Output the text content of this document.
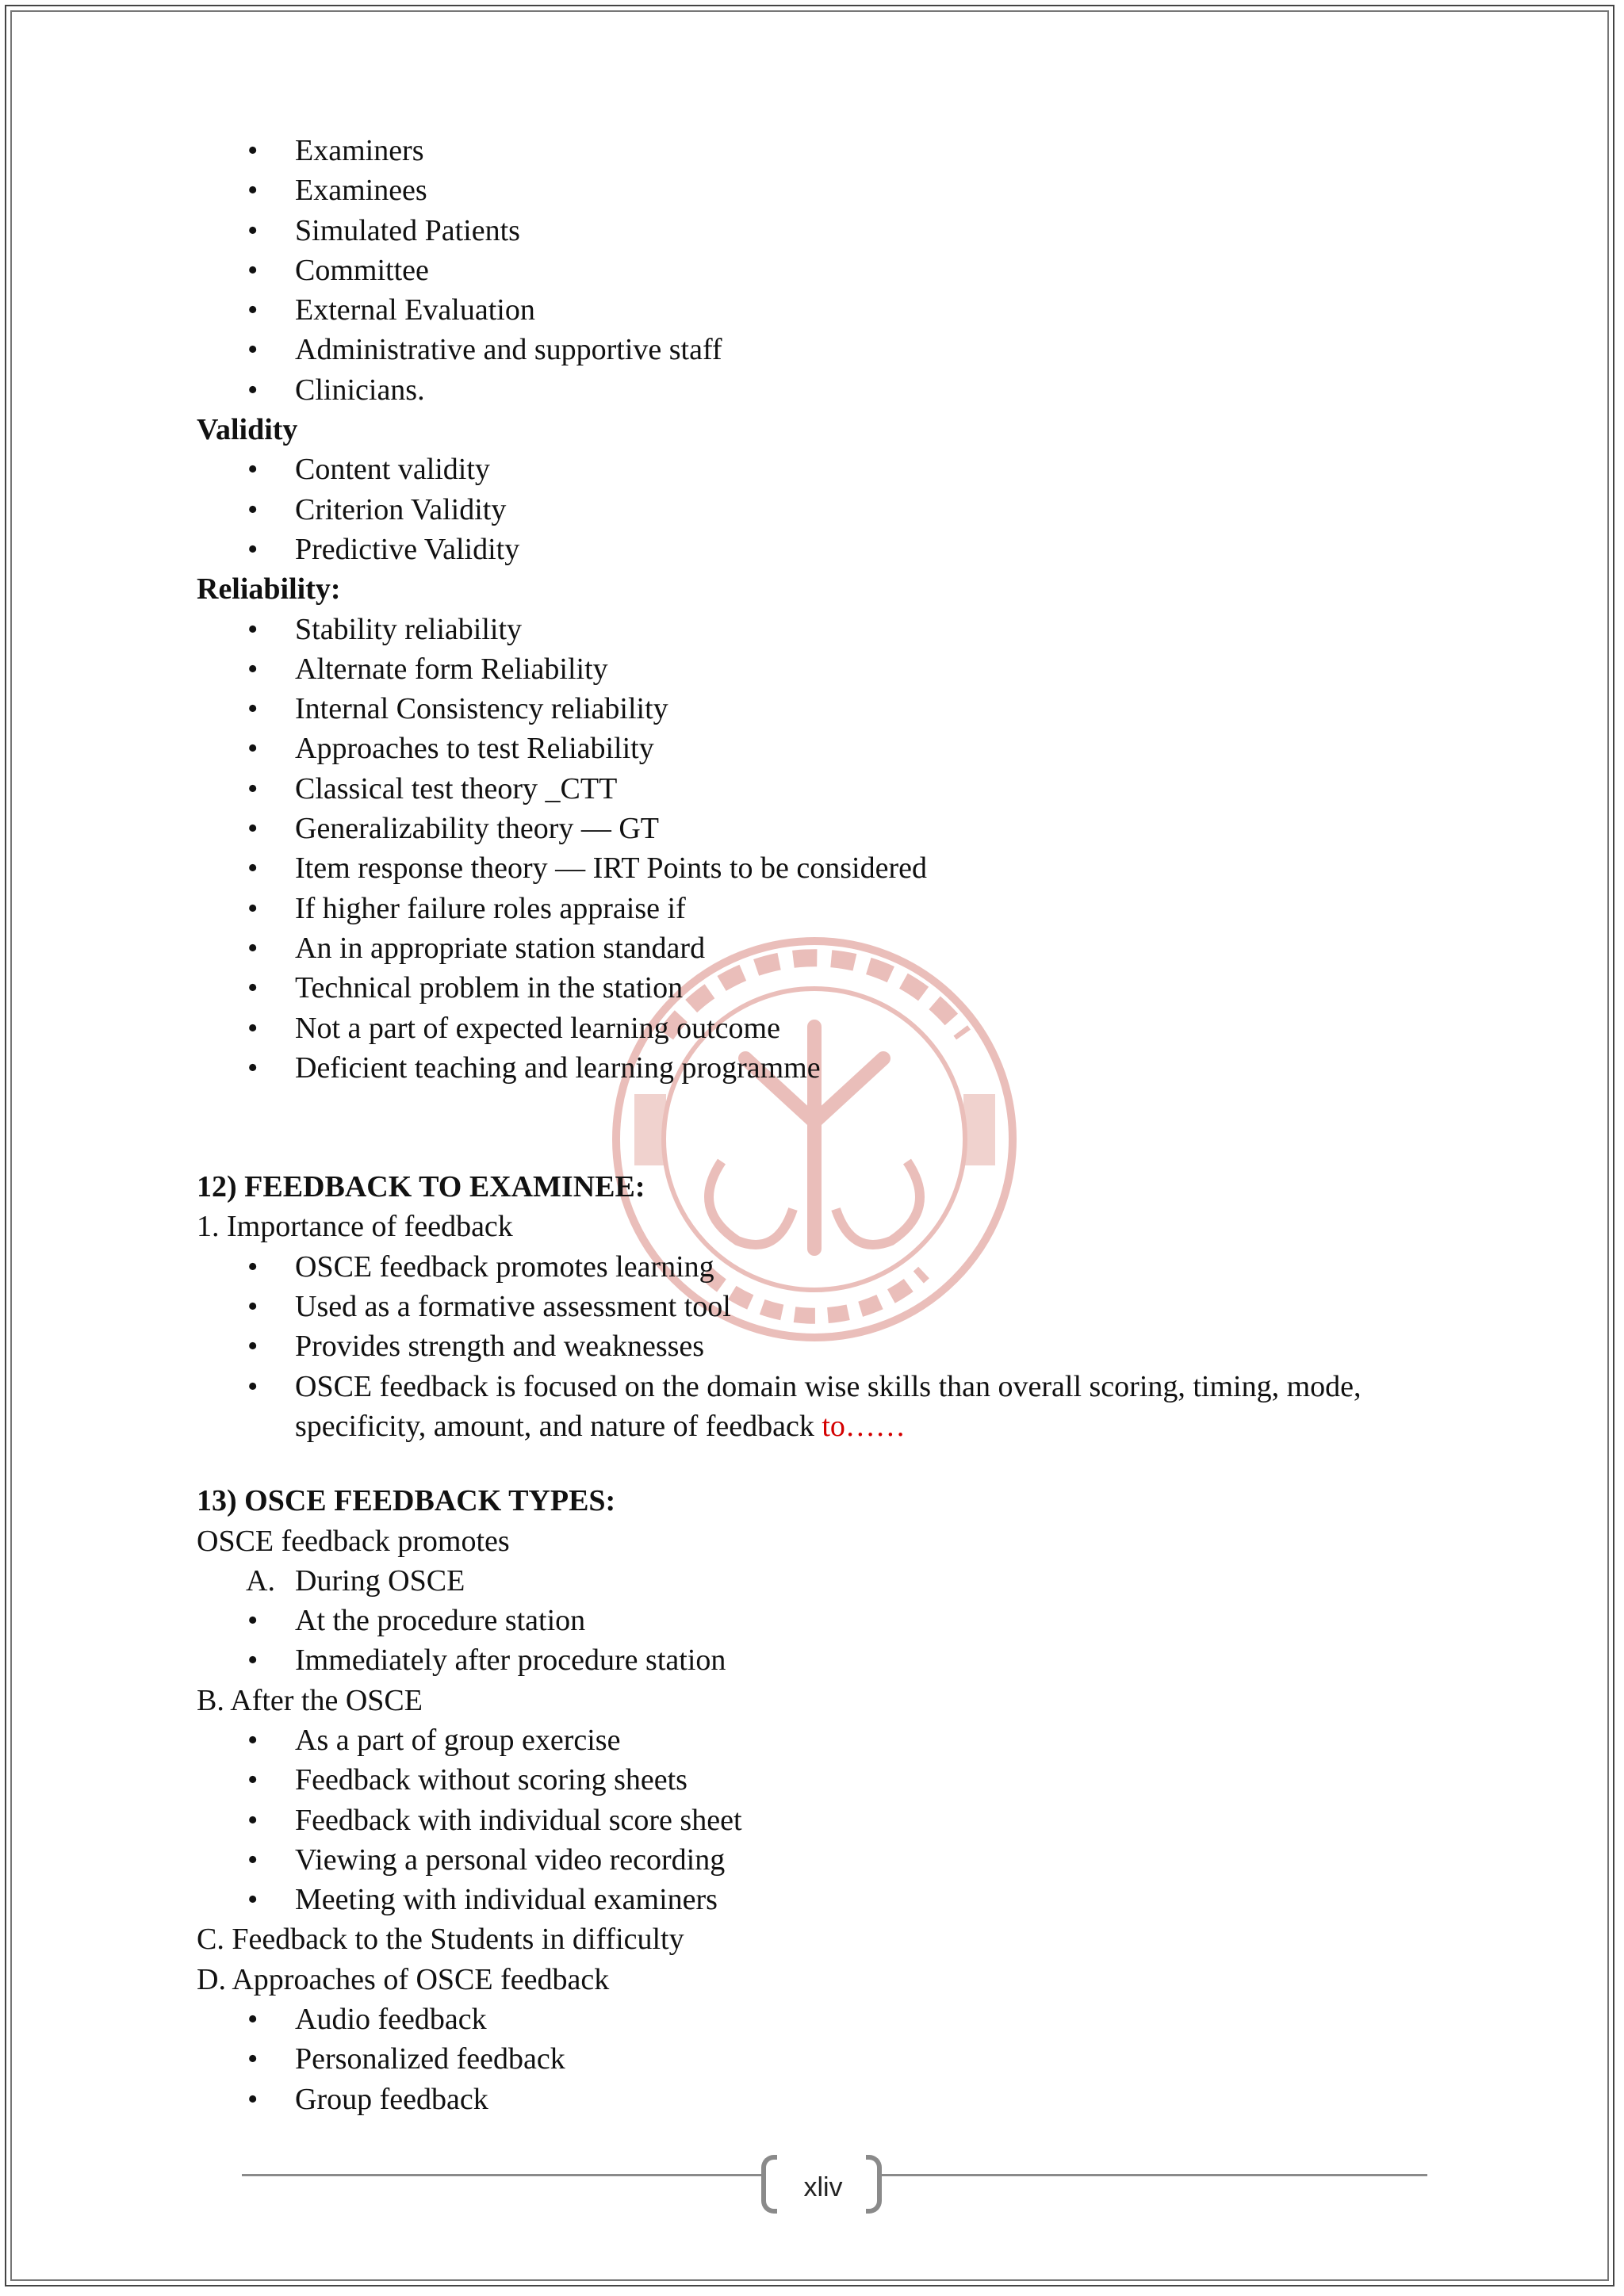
•	Examiners
•	Examinees
•	Simulated Patients
•	Committee
•	External Evaluation
•	Administrative and supportive staff
•	Clinicians.
Validity
•	Content validity
•	Criterion Validity
•	Predictive Validity
Reliability:
•	Stability reliability
•	Alternate form Reliability
•	Internal Consistency reliability
•	Approaches to test Reliability
•	Classical test theory _CTT
•	Generalizability theory — GT
•	Item response theory — IRT Points to be considered
•	If higher failure roles appraise if
•	An in appropriate station standard
•	Technical problem in the station
•	Not a part of expected learning outcome
•	Deficient teaching and learning programme
12) FEEDBACK TO EXAMINEE:
1. Importance of feedback
•	OSCE feedback promotes learning
•	Used as a formative assessment tool
•	Provides strength and weaknesses
•	OSCE feedback is focused on the domain wise skills than overall scoring, timing, mode, specificity, amount, and nature of feedback to……
13) OSCE FEEDBACK TYPES:
OSCE feedback promotes
A. During OSCE
•	At the procedure station
•	Immediately after procedure station
B. After the OSCE
•	As a part of group exercise
•	Feedback without scoring sheets
•	Feedback with individual score sheet
•	Viewing a personal video recording
•	Meeting with individual examiners
C. Feedback to the Students in difficulty
D. Approaches of OSCE feedback
•	Audio feedback
•	Personalized feedback
•	Group feedback
xliv
